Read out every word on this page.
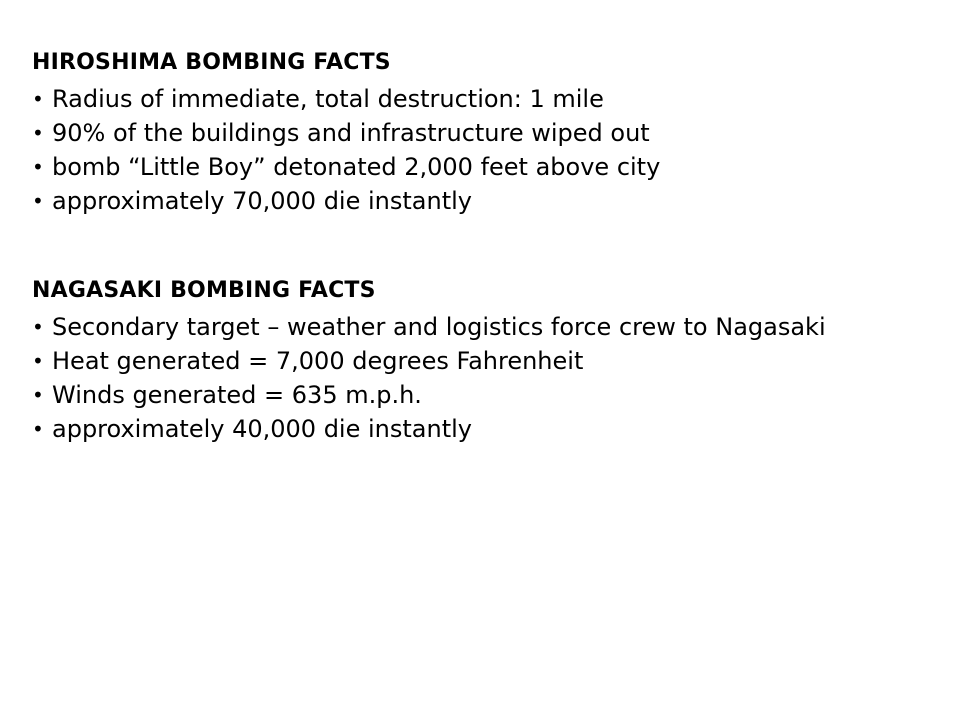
HIROSHIMA BOMBING FACTS
• Radius of immediate, total destruction: 1 mile
• 90% of the buildings and infrastructure wiped out
• bomb “Little Boy” detonated 2,000 feet above city
• approximately 70,000 die instantly
NAGASAKI BOMBING FACTS
• Secondary target – weather and logistics force crew to Nagasaki
• Heat generated = 7,000 degrees Fahrenheit
• Winds generated = 635 m.p.h.
• approximately 40,000 die instantly
